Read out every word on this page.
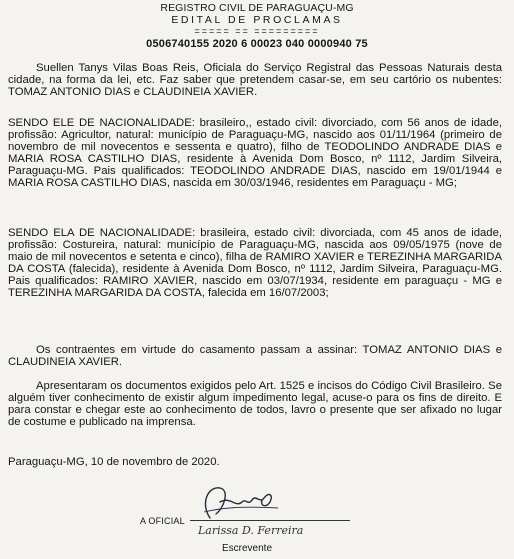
REGISTRO CIVIL DE PARAGUAÇU-MG
EDITAL DE PROCLAMAS
===== == =========
0506740155 2020 6 00023 040 0000940 75

Suellen Tanys Vilas Boas Reis, Oficiala do Serviço Registral das Pessoas Naturais desta cidade, na forma da lei, etc. Faz saber que pretendem casar-se, em seu cartório os nubentes: TOMAZ ANTONIO DIAS e CLAUDINEIA XAVIER.

SENDO ELE DE NACIONALIDADE: brasileiro,, estado civil: divorciado, com 56 anos de idade, profissão: Agricultor, natural: município de Paraguaçu-MG, nascido aos 01/11/1964 (primeiro de novembro de mil novecentos e sessenta e quatro), filho de TEODOLINDO ANDRADE DIAS e MARIA ROSA CASTILHO DIAS, residente à Avenida Dom Bosco, nº 1112, Jardim Silveira, Paraguaçu-MG. Pais qualificados: TEODOLINDO ANDRADE DIAS, nascido em 19/01/1944 e MARIA ROSA CASTILHO DIAS, nascida em 30/03/1946, residentes em Paraguaçu - MG;

SENDO ELA DE NACIONALIDADE: brasileira, estado civil: divorciada, com 45 anos de idade, profissão: Costureira, natural: município de Paraguaçu-MG, nascida aos 09/05/1975 (nove de maio de mil novecentos e setenta e cinco), filha de RAMIRO XAVIER e TEREZINHA MARGARIDA DA COSTA (falecida), residente à Avenida Dom Bosco, nº 1112, Jardim Silveira, Paraguaçu-MG. Pais qualificados: RAMIRO XAVIER, nascido em 03/07/1934, residente em paraguaçu - MG e TEREZINHA MARGARIDA DA COSTA, falecida em 16/07/2003;

Os contraentes em virtude do casamento passam a assinar: TOMAZ ANTONIO DIAS e CLAUDINEIA XAVIER.

Apresentaram os documentos exigidos pelo Art. 1525 e incisos do Código Civil Brasileiro. Se alguém tiver conhecimento de existir algum impedimento legal, acuse-o para os fins de direito. E para constar e chegar este ao conhecimento de todos, lavro o presente que ser afixado no lugar de costume e publicado na imprensa.

Paraguaçu-MG, 10 de novembro de 2020.
A OFICIAL
Larissa D. Ferreira
Escrevente
